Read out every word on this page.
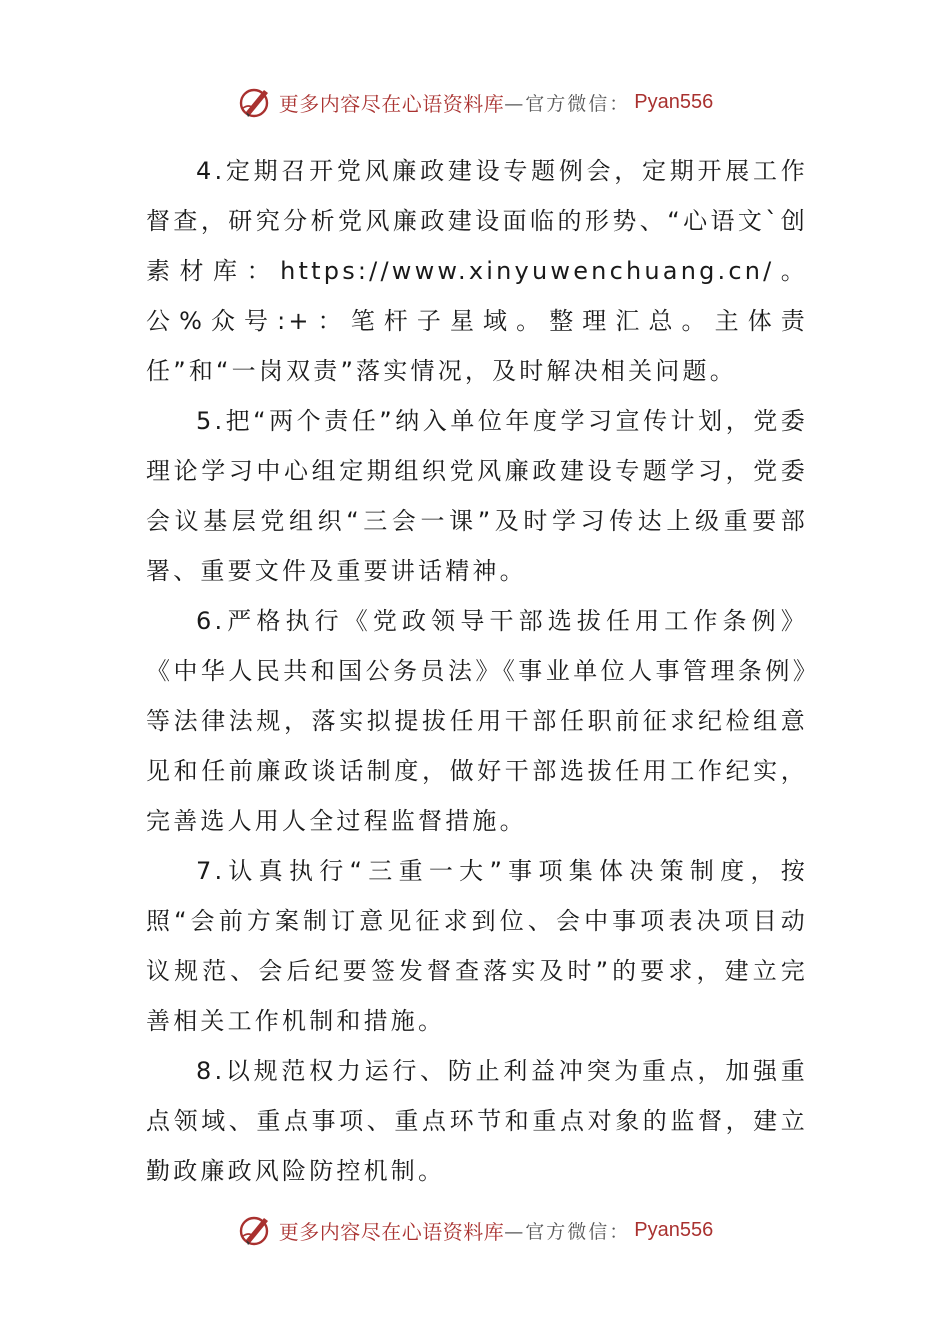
更多内容尽在心语资料库 —官方微信： Pyan556

4.定期召开党风廉政建设专题例会，定期开展工作督查，研究分析党风廉政建设面临的形势、“心语文`创素材库：https://www.xinyuwenchuang.cn/。公%众号:+：笔杆子星域。整理汇总。主体责任”和“一岗双责”落实情况，及时解决相关问题。

5.把“两个责任”纳入单位年度学习宣传计划，党委理论学习中心组定期组织党风廉政建设专题学习，党委会议基层党组织“三会一课”及时学习传达上级重要部署、重要文件及重要讲话精神。

6.严格执行《党政领导干部选拔任用工作条例》《中华人民共和国公务员法》《事业单位人事管理条例》等法律法规，落实拟提拔任用干部任职前征求纪检组意见和任前廉政谈话制度，做好干部选拔任用工作纪实，完善选人用人全过程监督措施。

7.认真执行“三重一大”事项集体决策制度，按照“会前方案制订意见征求到位、会中事项表决项目动议规范、会后纪要签发督查落实及时”的要求，建立完善相关工作机制和措施。

8.以规范权力运行、防止利益冲突为重点，加强重点领域、重点事项、重点环节和重点对象的监督，建立勤政廉政风险防控机制。

更多内容尽在心语资料库 —官方微信： Pyan556
